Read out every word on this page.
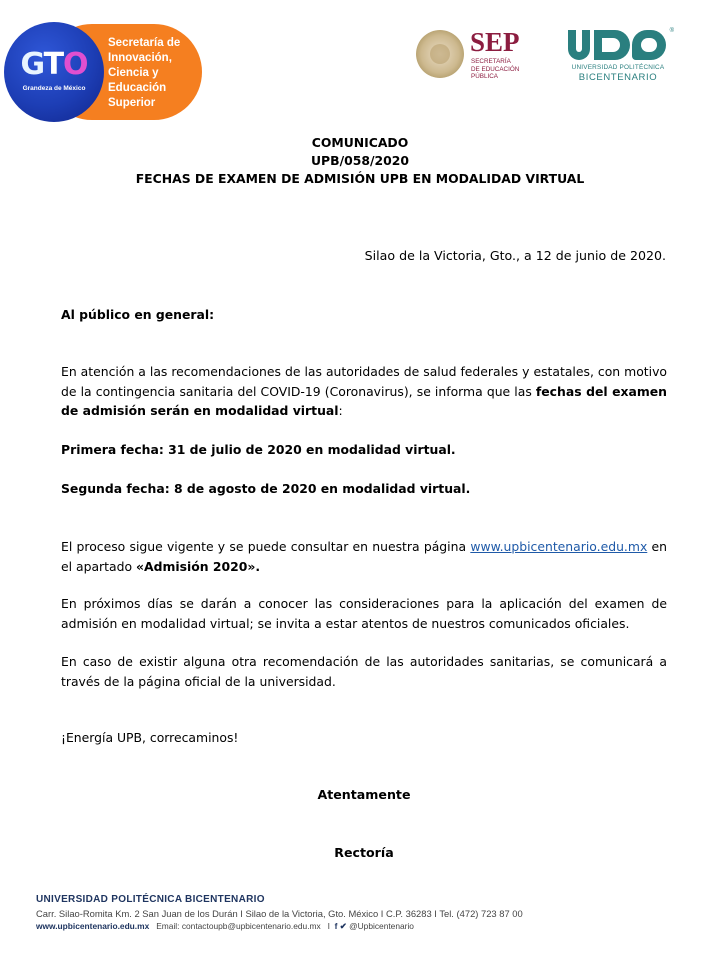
GTO
Grandeza de México
Secretaría de
Innovación,
Ciencia y
Educación
Superior
SEP
SECRETARÍA
DE EDUCACIÓN
PÚBLICA
®
UNIVERSIDAD POLITÉCNICA
BICENTENARIO
COMUNICADO
UPB/058/2020
FECHAS DE EXAMEN DE ADMISIÓN UPB EN MODALIDAD VIRTUAL
Silao de la Victoria, Gto., a 12 de junio de 2020.
Al público en general:
En atención a las recomendaciones de las autoridades de salud federales y estatales, con motivo de la contingencia sanitaria del COVID-19 (Coronavirus), se informa que las fechas del examen de admisión serán en modalidad virtual:
Primera fecha: 31 de julio de 2020 en modalidad virtual.
Segunda fecha: 8 de agosto de 2020 en modalidad virtual.
El proceso sigue vigente y se puede consultar en nuestra página www.upbicentenario.edu.mx en el apartado «Admisión 2020».
En próximos días se darán a conocer las consideraciones para la aplicación del examen de admisión en modalidad virtual; se invita a estar atentos de nuestros comunicados oficiales.
En caso de existir alguna otra recomendación de las autoridades sanitarias, se comunicará a través de la página oficial de la universidad.
¡Energía UPB, correcaminos!
Atentamente
Rectoría
UNIVERSIDAD POLITÉCNICA BICENTENARIO
Carr. Silao-Romita Km. 2 San Juan de los Durán I Silao de la Victoria, Gto. México I C.P. 36283 I Tel. (472) 723 87 00
www.upbicentenario.edu.mx Email: contactoupb@upbicentenario.edu.mx I f ✔ @Upbicentenario
